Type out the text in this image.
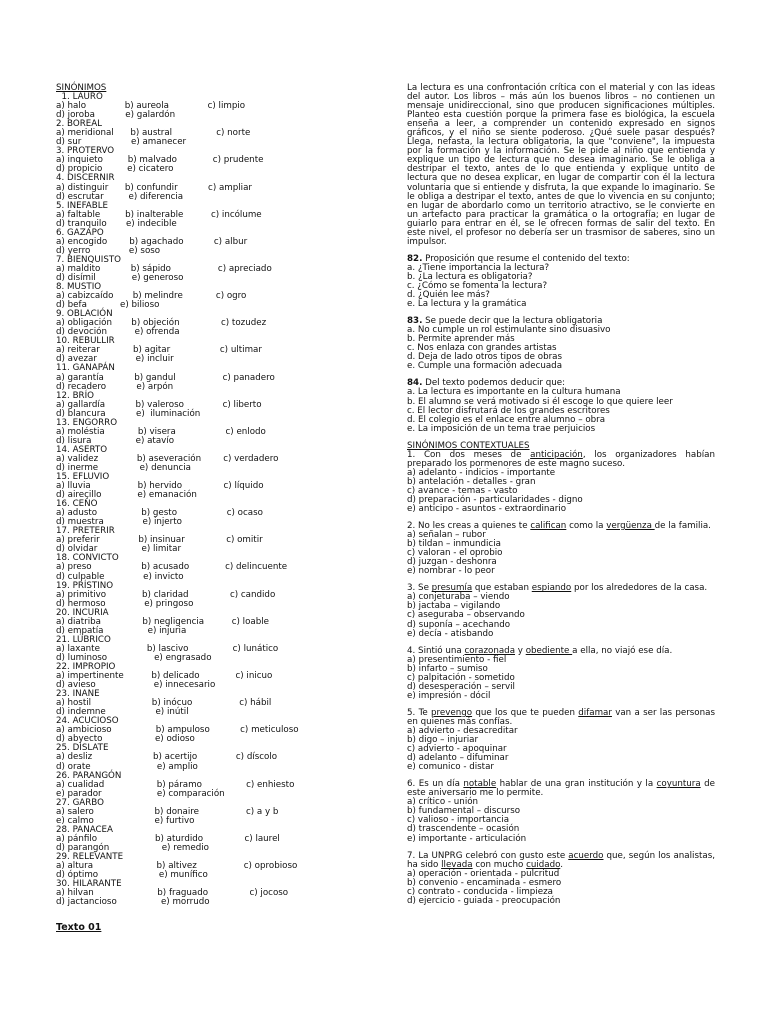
SINÓNIMOS
1. LAURO
a) halo              b) aureola              c) limpio
d) joroba           e) galardón
2. BOREAL
a) meridional      b) austral                c) norte
d) sur                  e) amanecer
3. PROTERVO
a) inquieto         b) malvado             c) prudente
d) propicio         e) cicatero
4. DISCERNIR
a) distinguir      b) confundir           c) ampliar
d) escrutar         e) diferencia
5. INEFABLE
a) faltable         b) inalterable          c) incólume
d) tranquilo       e) indecible
6. GAZAPO
a) encogido        b) agachado           c) albur
d) yerro              e) soso
7. BIENQUISTO
a) maldito           b) sápido                 c) apreciado
d) disímil             e) generoso
8. MUSTIO
a) cabizcaído       b) melindre            c) ogro
d) befa            e) bilioso
9. OBLACIÓN
a) obligación       b) objeción               c) tozudez
d) devoción          e) ofrenda
10. REBULLIR
a) reiterar            b) agitar                  c) ultimar
d) avezar              e) incluir
11. GANAPÁN
a) garantía           b) gandul                 c) panadero
d) recadero           e) arpón
12. BRÍO
a) gallardía           b) valeroso              c) liberto
d) blancura           e)  iluminación
13. ENGORRO
a) moléstia            b) visera                  c) enlodo
d) lisura                e) atavío
14. ASERTO
a) validez              b) aseveración        c) verdadero
d) inerme               e) denuncia
15. EFLUVIO
a) lluvia                 b) hervido               c) líquido
d) aireçillo             e) emanación
16. CENO
a) adusto                b) gesto                  c) ocaso
d) muestra              e) injerto
17. PRETERIR
a) preferir              b) insinuar               c) omitir
d) olvidar                e) limitar
18. CONVICTO
a) preso                  b) acusado             c) delincuente
d) culpable              e) invicto
19. PRÍSTINO
a) primitivo             b) claridad               c) candido
d) hermoso              e) pringoso
20. INCURIA
a) diatriba               b) negligencia          c) loable
d) empatía                e) injuria
21. LÚBRICO
a) laxante                 b) lascivo                c) lunático
d) luminoso                 e) engrasado
22. IMPROPIO
a) impertinente          b) delicado             c) inicuo
d) avieso                     e) innecesario
23. INANE
a) hostil                      b) inócuo                 c) hábil
d) indemne                  e) inútil
24. ACUCIOSO
a) ambicioso                b) ampuloso           c) meticuloso
d) abyecto                   e) odioso
25. DISLATE
a) desliz                      b) acertijo              c) díscolo
d) orate                        e) amplio
26. PARANGÓN
a) cualidad                   b) páramo                c) enhiesto
e) parador                    e) comparación
27. GARBO
a) salero                      b) donaire                 c) a y b
e) calmo                      e) furtivo
28. PANACEA
a) pánfilo                     b) aturdido               c) laurel
d) parangón                   e) remedio
29. RELEVANTE
a) altura                       b) altivez                 c) oprobioso
d) óptimo                      e) munífico
30. HILARANTE
a) hilvan                       b) fraguado               c) jocoso
d) jactancioso                e) morrudo
Texto 01
La lectura es una confrontación crítica con el material y con las ideas del autor. Los libros – más aún los buenos libros – no contienen un mensaje unidireccional, sino que producen significaciones múltiples. Planteo esta cuestión porque la primera fase es biológica, la escuela enseña a leer, a comprender un contenido expresado en signos gráficos, y el niño se siente poderoso. ¿Qué suele pasar después? Llega, nefasta, la lectura obligatoria, la que "conviene", la impuesta por la formación y la información. Se le pide al niño que entienda y explique un tipo de lectura que no desea imaginario. Se le obliga a destripar el texto, antes de lo que entienda y explique untito de lectura que no desea explicar, en lugar de compartir con él la lectura voluntaria que si entiende y disfruta, la que expande lo imaginario. Se le obliga a destripar el texto, antes de que lo vivencia en su conjunto; en lugar de abordarlo como un territorio atractivo, se le convierte en un artefacto para practicar la gramática o la ortografía; en lugar de guiarlo para entrar en él, se le ofrecen formas de salir del texto. En este nivel, el profesor no debería ser un trasmisor de saberes, sino un impulsor.
82. Proposición que resume el contenido del texto:
a. ¿Tiene importancia la lectura?
b. ¿La lectura es obligatoria?
c. ¿Cómo se fomenta la lectura?
d. ¿Quién lee más?
e. La lectura y la gramática
83. Se puede decir que la lectura obligatoria
a. No cumple un rol estimulante sino disuasivo
b. Permite aprender más
c. Nos enlaza con grandes artistas
d. Deja de lado otros tipos de obras
e. Cumple una formación adecuada
84. Del texto podemos deducir que:
a. La lectura es importante en la cultura humana
b. El alumno se verá motivado si él escoge lo que quiere leer
c. El lector disfrutará de los grandes escritores
d. El colegio es el enlace entre alumno – obra
e. La imposición de un tema trae perjuicios
SINÓNIMOS CONTEXTUALES
1. Con dos meses de anticipación, los organizadores habían preparado los pormenores de este magno suceso.
a) adelanto - indicios - importante
b) antelación - detalles - gran
c) avance - temas - vasto
d) preparación - particularidades - digno
e) anticipo - asuntos - extraordinario
2. No les creas a quienes te califican como la vergüenza de la familia.
a) señalan – rubor
b) tildan – inmundicia
c) valoran - el oprobio
d) juzgan - deshonra
e) nombrar - lo peor
3. Se presumía que estaban espiando por los alrededores de la casa.
a) conjeturaba – viendo
b) jactaba – vigilando
c) aseguraba – observando
d) suponía – acechando
e) decía - atisbando
4. Sintió una corazonada y obediente a ella, no viajó ese día.
a) presentimiento - fiel
b) infarto – sumiso
c) palpitación - sometido
d) desesperación – servil
e) impresión - dócil
5. Te prevengo que los que te pueden difamar van a ser las personas en quienes más confías.
a) advierto - desacreditar
b) digo – injuriar
c) advierto - apoquinar
d) adelanto – difuminar
e) comunico - distar
6. Es un día notable hablar de una gran institución y la coyuntura de este aniversario me lo permite.
a) crítico - unión
b) fundamental – discurso
c) valioso - importancia
d) trascendente – ocasión
e) importante - articulación
7. La UNPRG celebró con gusto este acuerdo que, según los analistas, ha sido llevada con mucho cuidado.
a) operación - orientada - pulcritud
b) convenio - encaminada - esmero
c) contrato - conducida - limpieza
d) ejercicio - guiada - preocupación
